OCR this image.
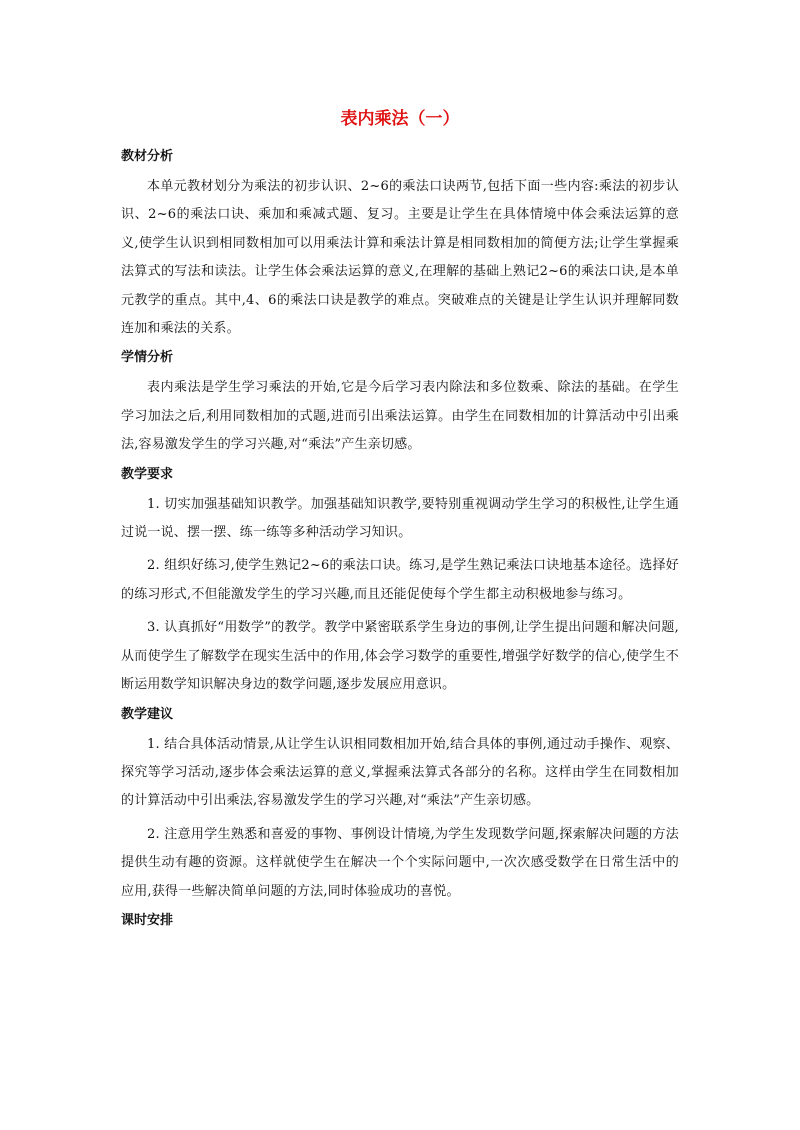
表内乘法（一）
教材分析
本单元教材划分为乘法的初步认识、2~6的乘法口诀两节,包括下面一些内容:乘法的初步认识、2~6的乘法口诀、乘加和乘减式题、复习。主要是让学生在具体情境中体会乘法运算的意义,使学生认识到相同数相加可以用乘法计算和乘法计算是相同数相加的简便方法;让学生掌握乘法算式的写法和读法。让学生体会乘法运算的意义,在理解的基础上熟记2~6的乘法口诀,是本单元教学的重点。其中,4、6的乘法口诀是教学的难点。突破难点的关键是让学生认识并理解同数连加和乘法的关系。
学情分析
表内乘法是学生学习乘法的开始,它是今后学习表内除法和多位数乘、除法的基础。在学生学习加法之后,利用同数相加的式题,进而引出乘法运算。由学生在同数相加的计算活动中引出乘法,容易激发学生的学习兴趣,对“乘法”产生亲切感。
教学要求
1. 切实加强基础知识教学。加强基础知识教学,要特别重视调动学生学习的积极性,让学生通过说一说、摆一摆、练一练等多种活动学习知识。
2. 组织好练习,使学生熟记2~6的乘法口诀。练习,是学生熟记乘法口诀地基本途径。选择好的练习形式,不但能激发学生的学习兴趣,而且还能促使每个学生都主动积极地参与练习。
3. 认真抓好“用数学”的教学。教学中紧密联系学生身边的事例,让学生提出问题和解决问题,从而使学生了解数学在现实生活中的作用,体会学习数学的重要性,增强学好数学的信心,使学生不断运用数学知识解决身边的数学问题,逐步发展应用意识。
教学建议
1. 结合具体活动情景,从让学生认识相同数相加开始,结合具体的事例,通过动手操作、观察、探究等学习活动,逐步体会乘法运算的意义,掌握乘法算式各部分的名称。这样由学生在同数相加的计算活动中引出乘法,容易激发学生的学习兴趣,对“乘法”产生亲切感。
2. 注意用学生熟悉和喜爱的事物、事例设计情境,为学生发现数学问题,探索解决问题的方法提供生动有趣的资源。这样就使学生在解决一个个实际问题中,一次次感受数学在日常生活中的应用,获得一些解决简单问题的方法,同时体验成功的喜悦。
课时安排
